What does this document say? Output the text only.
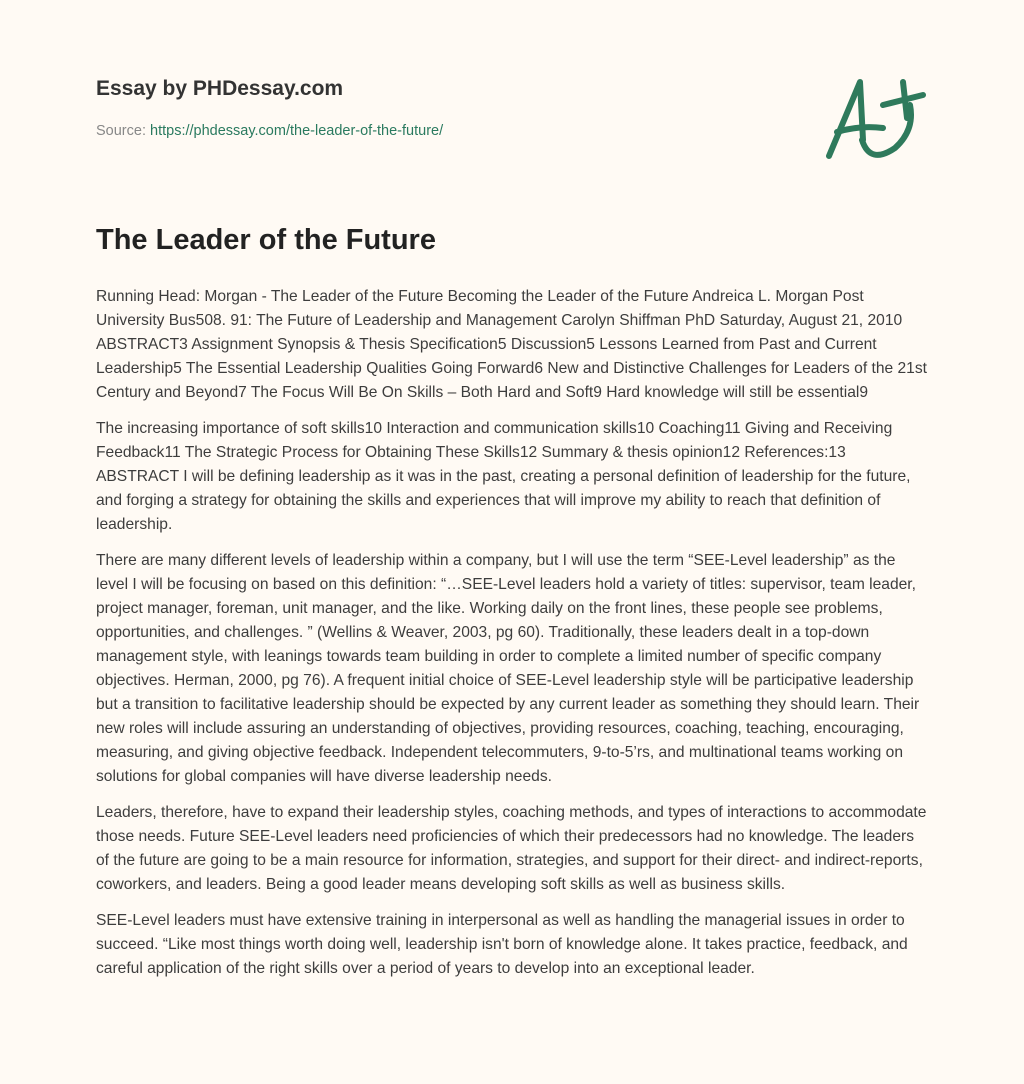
Essay by PHDessay.com
Source: https://phdessay.com/the-leader-of-the-future/
The Leader of the Future

Running Head: Morgan - The Leader of the Future Becoming the Leader of the Future Andreica L. Morgan Post University Bus508. 91: The Future of Leadership and Management Carolyn Shiffman PhD Saturday, August 21, 2010 ABSTRACT3 Assignment Synopsis & Thesis Specification5 Discussion5 Lessons Learned from Past and Current Leadership5 The Essential Leadership Qualities Going Forward6 New and Distinctive Challenges for Leaders of the 21st Century and Beyond7 The Focus Will Be On Skills – Both Hard and Soft9 Hard knowledge will still be essential9

The increasing importance of soft skills10 Interaction and communication skills10 Coaching11 Giving and Receiving Feedback11 The Strategic Process for Obtaining These Skills12 Summary & thesis opinion12 References:13 ABSTRACT I will be defining leadership as it was in the past, creating a personal definition of leadership for the future, and forging a strategy for obtaining the skills and experiences that will improve my ability to reach that definition of leadership.

There are many different levels of leadership within a company, but I will use the term “SEE-Level leadership” as the level I will be focusing on based on this definition: “…SEE-Level leaders hold a variety of titles: supervisor, team leader, project manager, foreman, unit manager, and the like. Working daily on the front lines, these people see problems, opportunities, and challenges. ” (Wellins & Weaver, 2003, pg 60). Traditionally, these leaders dealt in a top-down management style, with leanings towards team building in order to complete a limited number of specific company objectives. Herman, 2000, pg 76). A frequent initial choice of SEE-Level leadership style will be participative leadership but a transition to facilitative leadership should be expected by any current leader as something they should learn. Their new roles will include assuring an understanding of objectives, providing resources, coaching, teaching, encouraging, measuring, and giving objective feedback. Independent telecommuters, 9-to-5’rs, and multinational teams working on solutions for global companies will have diverse leadership needs.

Leaders, therefore, have to expand their leadership styles, coaching methods, and types of interactions to accommodate those needs. Future SEE-Level leaders need proficiencies of which their predecessors had no knowledge. The leaders of the future are going to be a main resource for information, strategies, and support for their direct- and indirect-reports, coworkers, and leaders. Being a good leader means developing soft skills as well as business skills.

SEE-Level leaders must have extensive training in interpersonal as well as handling the managerial issues in order to succeed. “Like most things worth doing well, leadership isn't born of knowledge alone. It takes practice, feedback, and careful application of the right skills over a period of years to develop into an exceptional leader.
